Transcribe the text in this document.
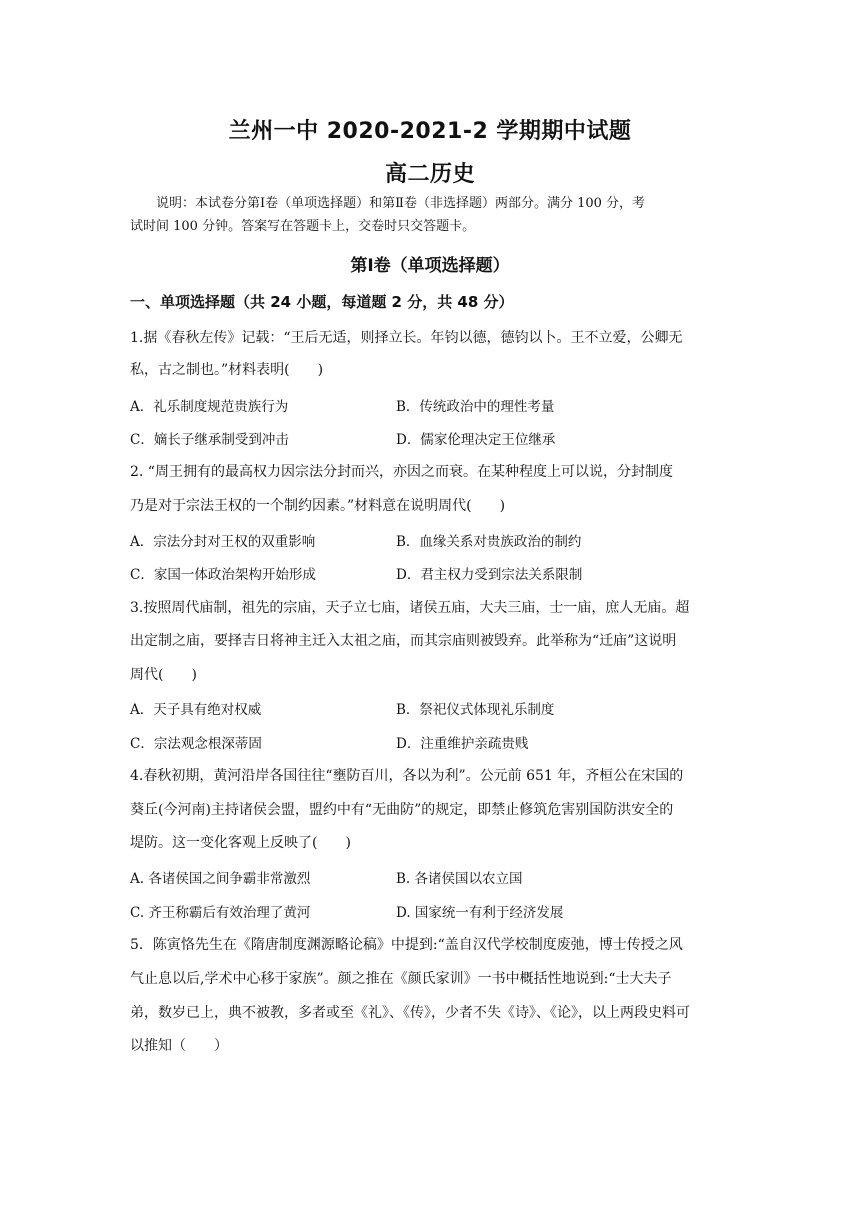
兰州一中 2020-2021-2 学期期中试题
高二历史
说明：本试卷分第Ⅰ卷（单项选择题）和第Ⅱ卷（非选择题）两部分。满分 100 分，考
试时间 100 分钟。答案写在答题卡上，交卷时只交答题卡。
第Ⅰ卷（单项选择题）
一、单项选择题（共 24 小题，每道题 2 分，共 48 分）
1.据《春秋左传》记载：“王后无适，则择立长。年钧以德，德钧以卜。王不立爱，公卿无
私，古之制也。”材料表明(　　)
A．礼乐制度规范贵族行为	B．传统政治中的理性考量
C．嫡长子继承制受到冲击	D．儒家伦理决定王位继承
2. “周王拥有的最高权力因宗法分封而兴，亦因之而衰。在某种程度上可以说，分封制度
乃是对于宗法王权的一个制约因素。”材料意在说明周代(　　)
A．宗法分封对王权的双重影响	B．血缘关系对贵族政治的制约
C．家国一体政治架构开始形成	D．君主权力受到宗法关系限制
3.按照周代庙制，祖先的宗庙，天子立七庙，诸侯五庙，大夫三庙，士一庙，庶人无庙。超
出定制之庙，要择吉日将神主迁入太祖之庙，而其宗庙则被毁弃。此举称为“迁庙”这说明
周代(　　)
A．天子具有绝对权威	B．祭祀仪式体现礼乐制度
C．宗法观念根深蒂固	D．注重维护亲疏贵贱
4.春秋初期，黄河沿岸各国往往“壅防百川，各以为利”。公元前 651 年，齐桓公在宋国的
葵丘(今河南)主持诸侯会盟，盟约中有“无曲防”的规定，即禁止修筑危害别国防洪安全的
堤防。这一变化客观上反映了(　　)
A. 各诸侯国之间争霸非常激烈	B. 各诸侯国以农立国
C. 齐王称霸后有效治理了黄河	D. 国家统一有利于经济发展
5．陈寅恪先生在《隋唐制度渊源略论稿》中提到:“盖自汉代学校制度废弛，博士传授之风
气止息以后,学术中心移于家族”。颜之推在《颜氏家训》一书中概括性地说到:“士大夫子
弟，数岁已上，典不被教，多者或至《礼》、《传》，少者不失《诗》、《论》，以上两段史料可
以推知（　　）
